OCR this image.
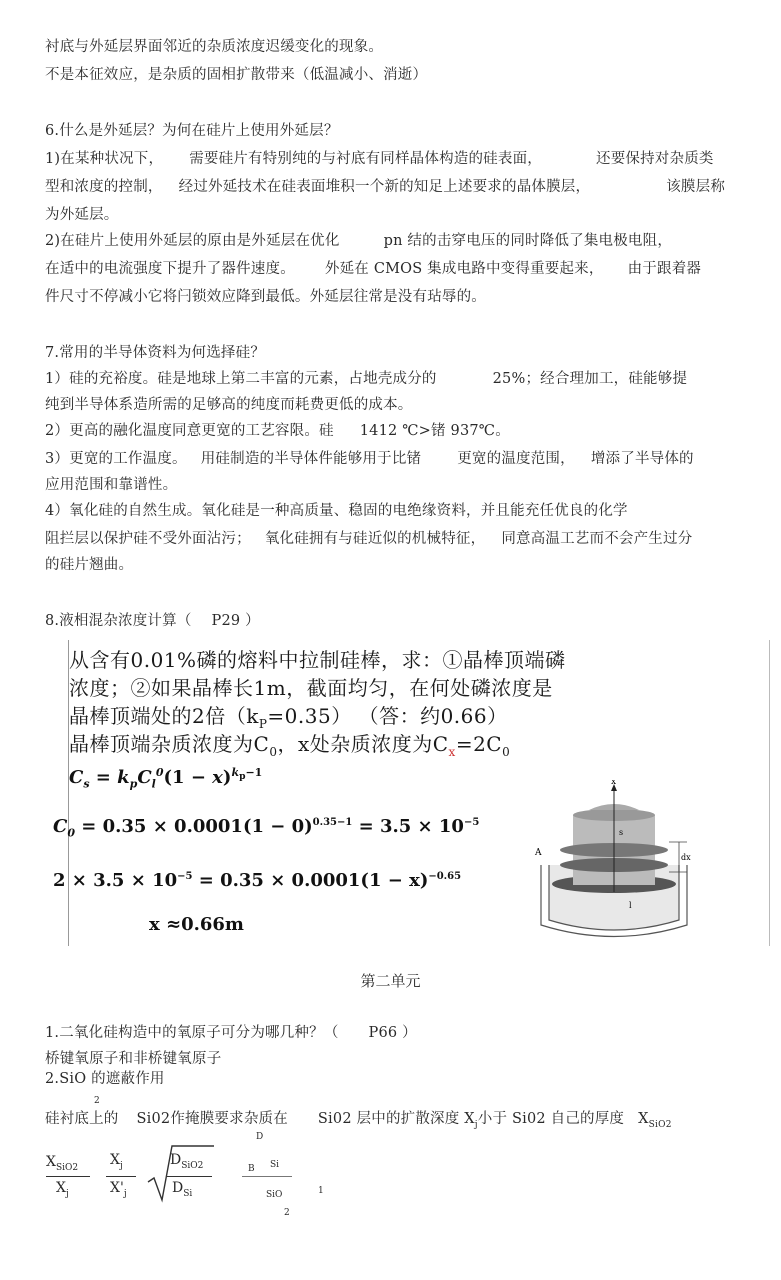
衬底与外延层界面邻近的杂质浓度迟缓变化的现象。
不是本征效应，是杂质的固相扩散带来（低温减小、消逝）
6.什么是外延层？为何在硅片上使用外延层？
1)在某种状况下， 需要硅片有特别纯的与衬底有同样晶体构造的硅表面，	还要保持对杂质类
型和浓度的控制， 经过外延技术在硅表面堆积一个新的知足上述要求的晶体膜层，	该膜层称
为外延层。
2)在硅片上使用外延层的原由是外延层在优化	pn 结的击穿电压的同时降低了集电极电阻，
在适中的电流强度下提升了器件速度。 外延在 CMOS 集成电路中变得重要起来， 由于跟着器
件尺寸不停减小它将闩锁效应降到最低。外延层往常是没有玷辱的。
7.常用的半导体资料为何选择硅？
1）硅的充裕度。硅是地球上第二丰富的元素，占地壳成分的	25%；经合理加工，硅能够提
纯到半导体系造所需的足够高的纯度而耗费更低的成本。
2）更高的融化温度同意更宽的工艺容限。硅 1412 ℃>锗 937℃。
3）更宽的工作温度。 用硅制造的半导体件能够用于比锗 更宽的温度范围， 增添了半导体的
应用范围和靠谱性。
4）氧化硅的自然生成。氧化硅是一种高质量、稳固的电绝缘资料，并且能充任优良的化学
阻拦层以保护硅不受外面沾污； 氧化硅拥有与硅近似的机械特征， 同意高温工艺而不会产生过分
的硅片翘曲。
8.液相混杂浓度计算（ P29 ）
从含有0.01%磷的熔料中拉制硅棒，求：①晶棒顶端磷
浓度；②如果晶棒长1m，截面均匀，在何处磷浓度是
晶棒顶端处的2倍$(k_P=0.35)$ （答：约0.66）
晶棒顶端杂质浓度为$C_0$，x处杂质浓度为$C_x=2C_0$
$C_s = k_pC_l^0(1 - x)^{k_p-1}$
$C_0 = 0.35 \times 0.0001(1 - 0)^{0.35-1} = 3.5 \times 10^{-5}$
$2 \times 3.5 \times 10^{-5} = 0.35 \times 0.0001(1 - x)^{-0.65}$
x ≈0.66m
x
s
A	dx
l
第二单元
1.二氧化硅构造中的氧原子可分为哪几种？（ P66 ）
桥键氧原子和非桥键氧原子
2.SiO 的遮蔽作用
2
硅衬底上的 Si02作掩膜要求杂质在 Si02 层中的扩散深度 $X_j$小于 Si02 自己的厚度 $X_{SiO2}$
$X_{SiO2}$
$X_j$
$X_j$
$X'_j$
$D_{SiO2}$
$D_{Si}$
D
Si
B
SiO	1
2
